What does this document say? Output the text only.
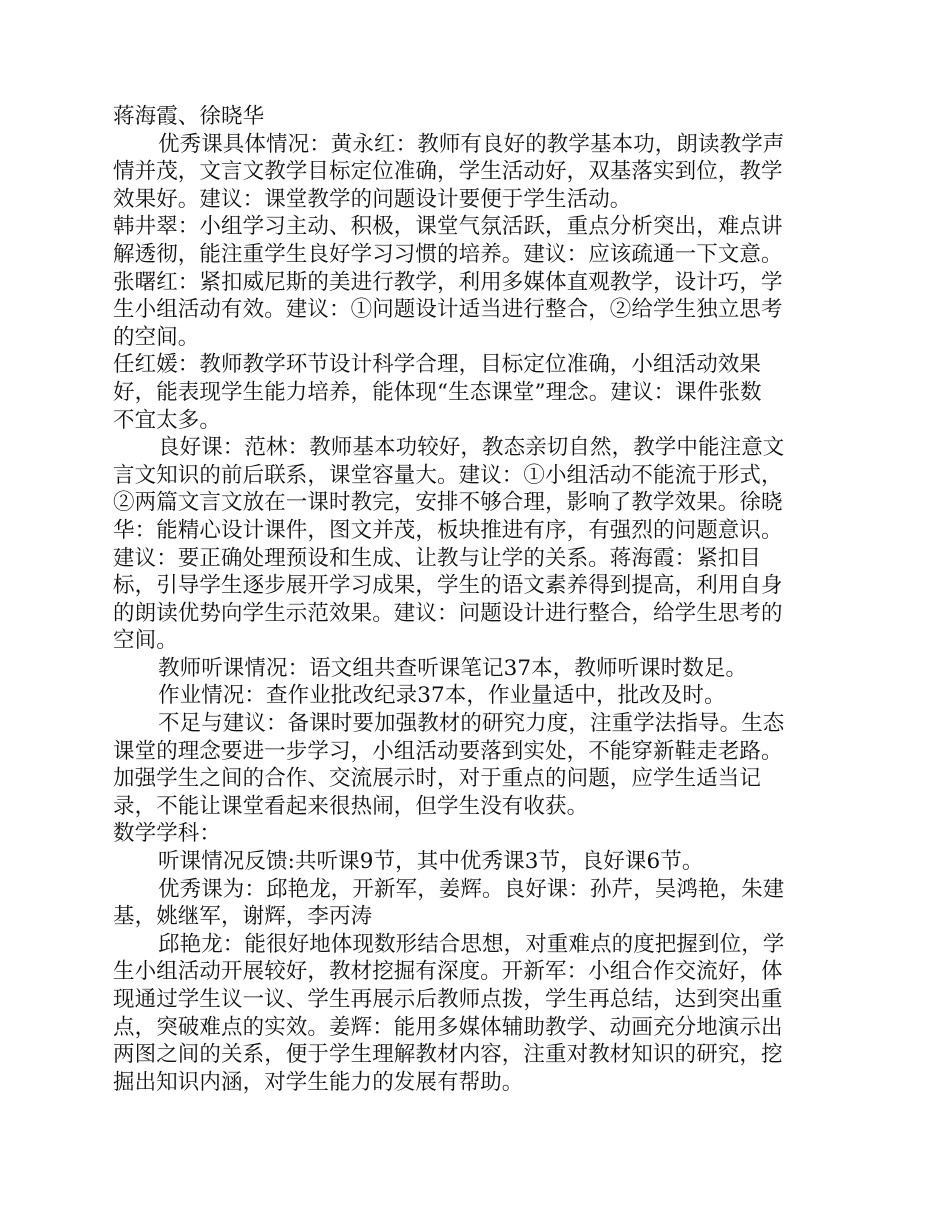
蒋海霞、徐晓华
优秀课具体情况：黄永红：教师有良好的教学基本功，朗读教学声
情并茂，文言文教学目标定位准确，学生活动好，双基落实到位，教学
效果好。建议：课堂教学的问题设计要便于学生活动。
韩井翠：小组学习主动、积极，课堂气氛活跃，重点分析突出，难点讲
解透彻，能注重学生良好学习习惯的培养。建议：应该疏通一下文意。
张曙红：紧扣威尼斯的美进行教学，利用多媒体直观教学，设计巧，学
生小组活动有效。建议：①问题设计适当进行整合，②给学生独立思考
的空间。
任红媛：教师教学环节设计科学合理，目标定位准确，小组活动效果
好，能表现学生能力培养，能体现“生态课堂”理念。建议：课件张数
不宜太多。
良好课：范林：教师基本功较好，教态亲切自然，教学中能注意文
言文知识的前后联系，课堂容量大。建议：①小组活动不能流于形式，
②两篇文言文放在一课时教完，安排不够合理，影响了教学效果。徐晓
华：能精心设计课件，图文并茂，板块推进有序，有强烈的问题意识。
建议：要正确处理预设和生成、让教与让学的关系。蒋海霞：紧扣目
标，引导学生逐步展开学习成果，学生的语文素养得到提高，利用自身
的朗读优势向学生示范效果。建议：问题设计进行整合，给学生思考的
空间。
教师听课情况：语文组共查听课笔记37本，教师听课时数足。
作业情况：查作业批改纪录37本，作业量适中，批改及时。
不足与建议：备课时要加强教材的研究力度，注重学法指导。生态
课堂的理念要进一步学习，小组活动要落到实处，不能穿新鞋走老路。
加强学生之间的合作、交流展示时，对于重点的问题，应学生适当记
录，不能让课堂看起来很热闹，但学生没有收获。
数学学科：
听课情况反馈:共听课9节，其中优秀课3节，良好课6节。
优秀课为：邱艳龙，开新军，姜辉。良好课：孙芹，吴鸿艳，朱建
基，姚继军，谢辉，李丙涛
邱艳龙：能很好地体现数形结合思想，对重难点的度把握到位，学
生小组活动开展较好，教材挖掘有深度。开新军：小组合作交流好，体
现通过学生议一议、学生再展示后教师点拨，学生再总结，达到突出重
点，突破难点的实效。姜辉：能用多媒体辅助教学、动画充分地演示出
两图之间的关系，便于学生理解教材内容，注重对教材知识的研究，挖
掘出知识内涵，对学生能力的发展有帮助。
